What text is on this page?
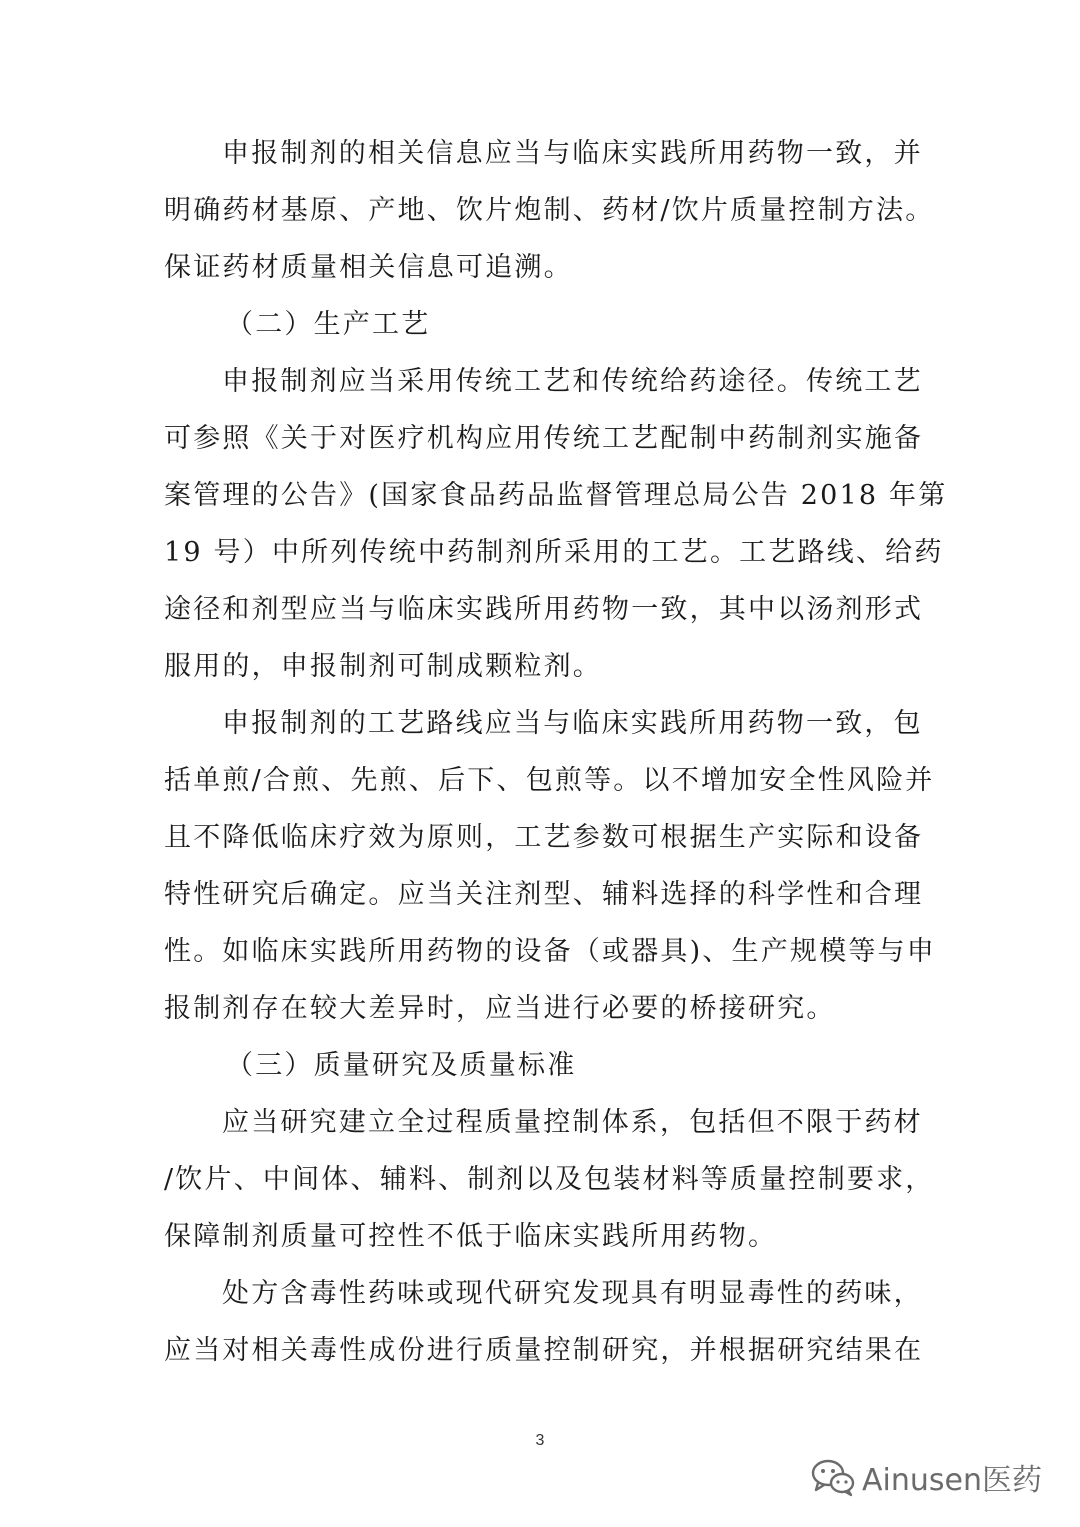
申报制剂的相关信息应当与临床实践所用药物一致，并
明确药材基原、产地、饮片炮制、药材/饮片质量控制方法。
保证药材质量相关信息可追溯。

（二）生产工艺

申报制剂应当采用传统工艺和传统给药途径。传统工艺
可参照《关于对医疗机构应用传统工艺配制中药制剂实施备
案管理的公告》(国家食品药品监督管理总局公告 2018 年第
19 号）中所列传统中药制剂所采用的工艺。工艺路线、给药
途径和剂型应当与临床实践所用药物一致，其中以汤剂形式
服用的，申报制剂可制成颗粒剂。

申报制剂的工艺路线应当与临床实践所用药物一致，包
括单煎/合煎、先煎、后下、包煎等。以不增加安全性风险并
且不降低临床疗效为原则，工艺参数可根据生产实际和设备
特性研究后确定。应当关注剂型、辅料选择的科学性和合理
性。如临床实践所用药物的设备（或器具)、生产规模等与申
报制剂存在较大差异时，应当进行必要的桥接研究。

（三）质量研究及质量标准

应当研究建立全过程质量控制体系，包括但不限于药材
/饮片、中间体、辅料、制剂以及包装材料等质量控制要求，
保障制剂质量可控性不低于临床实践所用药物。

处方含毒性药味或现代研究发现具有明显毒性的药味，
应当对相关毒性成份进行质量控制研究，并根据研究结果在

3
Ainusen医药
